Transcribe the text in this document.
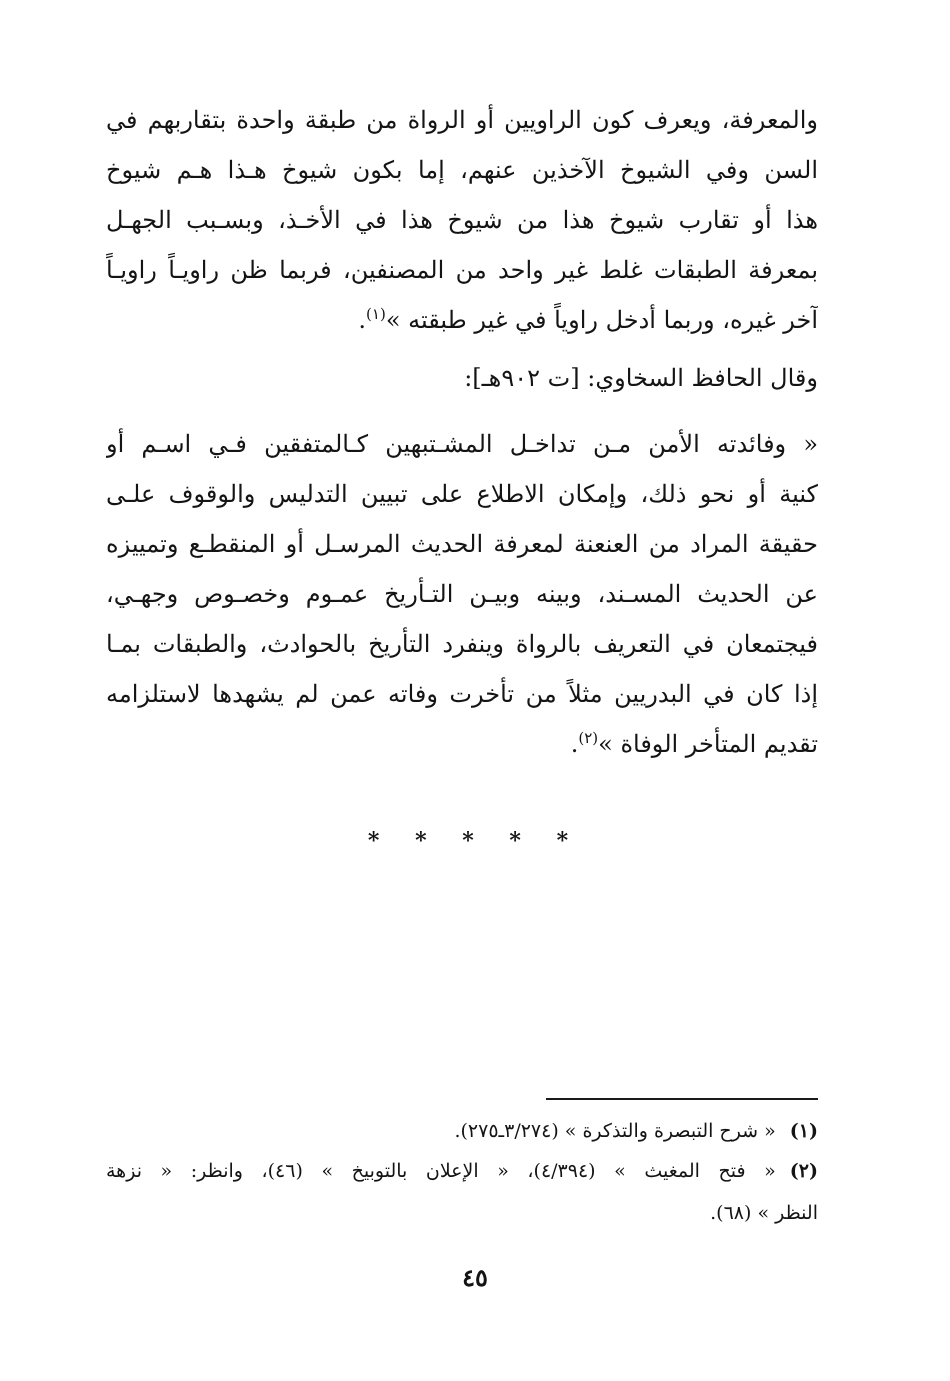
والمعرفة، ويعرف كون الراويين أو الرواة من طبقة واحدة بتقاربهم في
السن وفي الشيوخ الآخذين عنهم، إما بكون شيوخ هـذا هـم شيوخ
هذا أو تقارب شيوخ هذا من شيوخ هذا في الأخـذ، وبسـبب الجهـل
بمعرفة الطبقات غلط غير واحد من المصنفين، فربما ظن راويـاً راويـاً
آخر غيره، وربما أدخل راوياً في غير طبقته »$^{(١)}$.
وقال الحافظ السخاوي: [ت ٩٠٢هـ]:
« وفائدته الأمن مـن تداخـل المشـتبهين كـالمتفقين فـي اسـم أو
كنية أو نحو ذلك، وإمكان الاطلاع على تبيين التدليس والوقوف علـى
حقيقة المراد من العنعنة لمعرفة الحديث المرسـل أو المنقطـع وتمييزه
عن الحديث المسـند، وبينه وبيـن التـأريخ عمـوم وخصـوص وجهـي،
فيجتمعان في التعريف بالرواة وينفرد التأريخ بالحوادث، والطبقات بمـا
إذا كان في البدريين مثلاً من تأخرت وفاته عمن لم يشهدها لاستلزامه
تقديم المتأخر الوفاة »$^{(٢)}$.
* * * * *
(١)« شرح التبصرة والتذكرة » (٣/٢٧٤ـ٢٧٥).
(٢)« فتح المغيث » (٤/٣٩٤)، « الإعلان بالتوبيخ » (٤٦)، وانظر: « نزهة
النظر » (٦٨).
٤٥
